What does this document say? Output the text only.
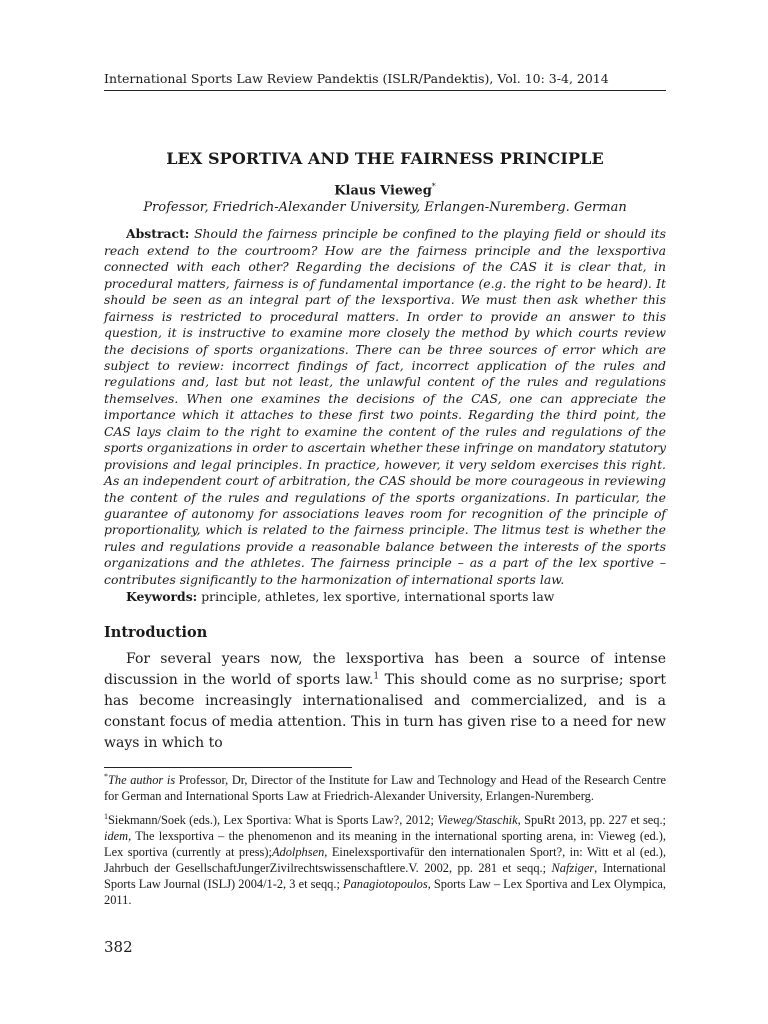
International Sports Law Review Pandektis (ISLR/Pandektis), Vol. 10: 3-4, 2014
LEX SPORTIVA AND THE FAIRNESS PRINCIPLE
Klaus Vieweg*
Professor, Friedrich-Alexander University, Erlangen-Nuremberg. German
Abstract: Should the fairness principle be confined to the playing field or should its reach extend to the courtroom? How are the fairness principle and the lexsportiva connected with each other? Regarding the decisions of the CAS it is clear that, in procedural matters, fairness is of fundamental importance (e.g. the right to be heard). It should be seen as an integral part of the lexsportiva. We must then ask whether this fairness is restricted to procedural matters. In order to provide an answer to this question, it is instructive to examine more closely the method by which courts review the decisions of sports organizations. There can be three sources of error which are subject to review: incorrect findings of fact, incorrect application of the rules and regulations and, last but not least, the unlawful content of the rules and regulations themselves. When one examines the decisions of the CAS, one can appreciate the importance which it attaches to these first two points. Regarding the third point, the CAS lays claim to the right to examine the content of the rules and regulations of the sports organizations in order to ascertain whether these infringe on mandatory statutory provisions and legal principles. In practice, however, it very seldom exercises this right. As an independent court of arbitration, the CAS should be more courageous in reviewing the content of the rules and regulations of the sports organizations. In particular, the guarantee of autonomy for associations leaves room for recognition of the principle of proportionality, which is related to the fairness principle. The litmus test is whether the rules and regulations provide a reasonable balance between the interests of the sports organizations and the athletes. The fairness principle – as a part of the lex sportive – contributes significantly to the harmonization of international sports law.
Keywords: principle, athletes, lex sportive, international sports law
Introduction
For several years now, the lexsportiva has been a source of intense discussion in the world of sports law.$^1$ This should come as no surprise; sport has become increasingly internationalised and commercialized, and is a constant focus of media attention. This in turn has given rise to a need for new ways in which to

*The author is Professor, Dr, Director of the Institute for Law and Technology and Head of the Research Centre for German and International Sports Law at Friedrich-Alexander University, Erlangen-Nuremberg.

$^1$Siekmann/Soek (eds.), Lex Sportiva: What is Sports Law?, 2012; Vieweg/Staschik, SpuRt 2013, pp. 227 et seq.; idem, The lexsportiva – the phenomenon and its meaning in the international sporting arena, in: Vieweg (ed.), Lex sportiva (currently at press);Adolphsen, Einelexsportivafür den internationalen Sport?, in: Witt et al (ed.), Jahrbuch der GesellschaftJungerZivilrechtswissenschaftlere.V. 2002, pp. 281 et seqq.; Nafziger, International Sports Law Journal (ISLJ) 2004/1-2, 3 et seqq.; Panagiotopoulos, Sports Law – Lex Sportiva and Lex Olympica, 2011.

382
